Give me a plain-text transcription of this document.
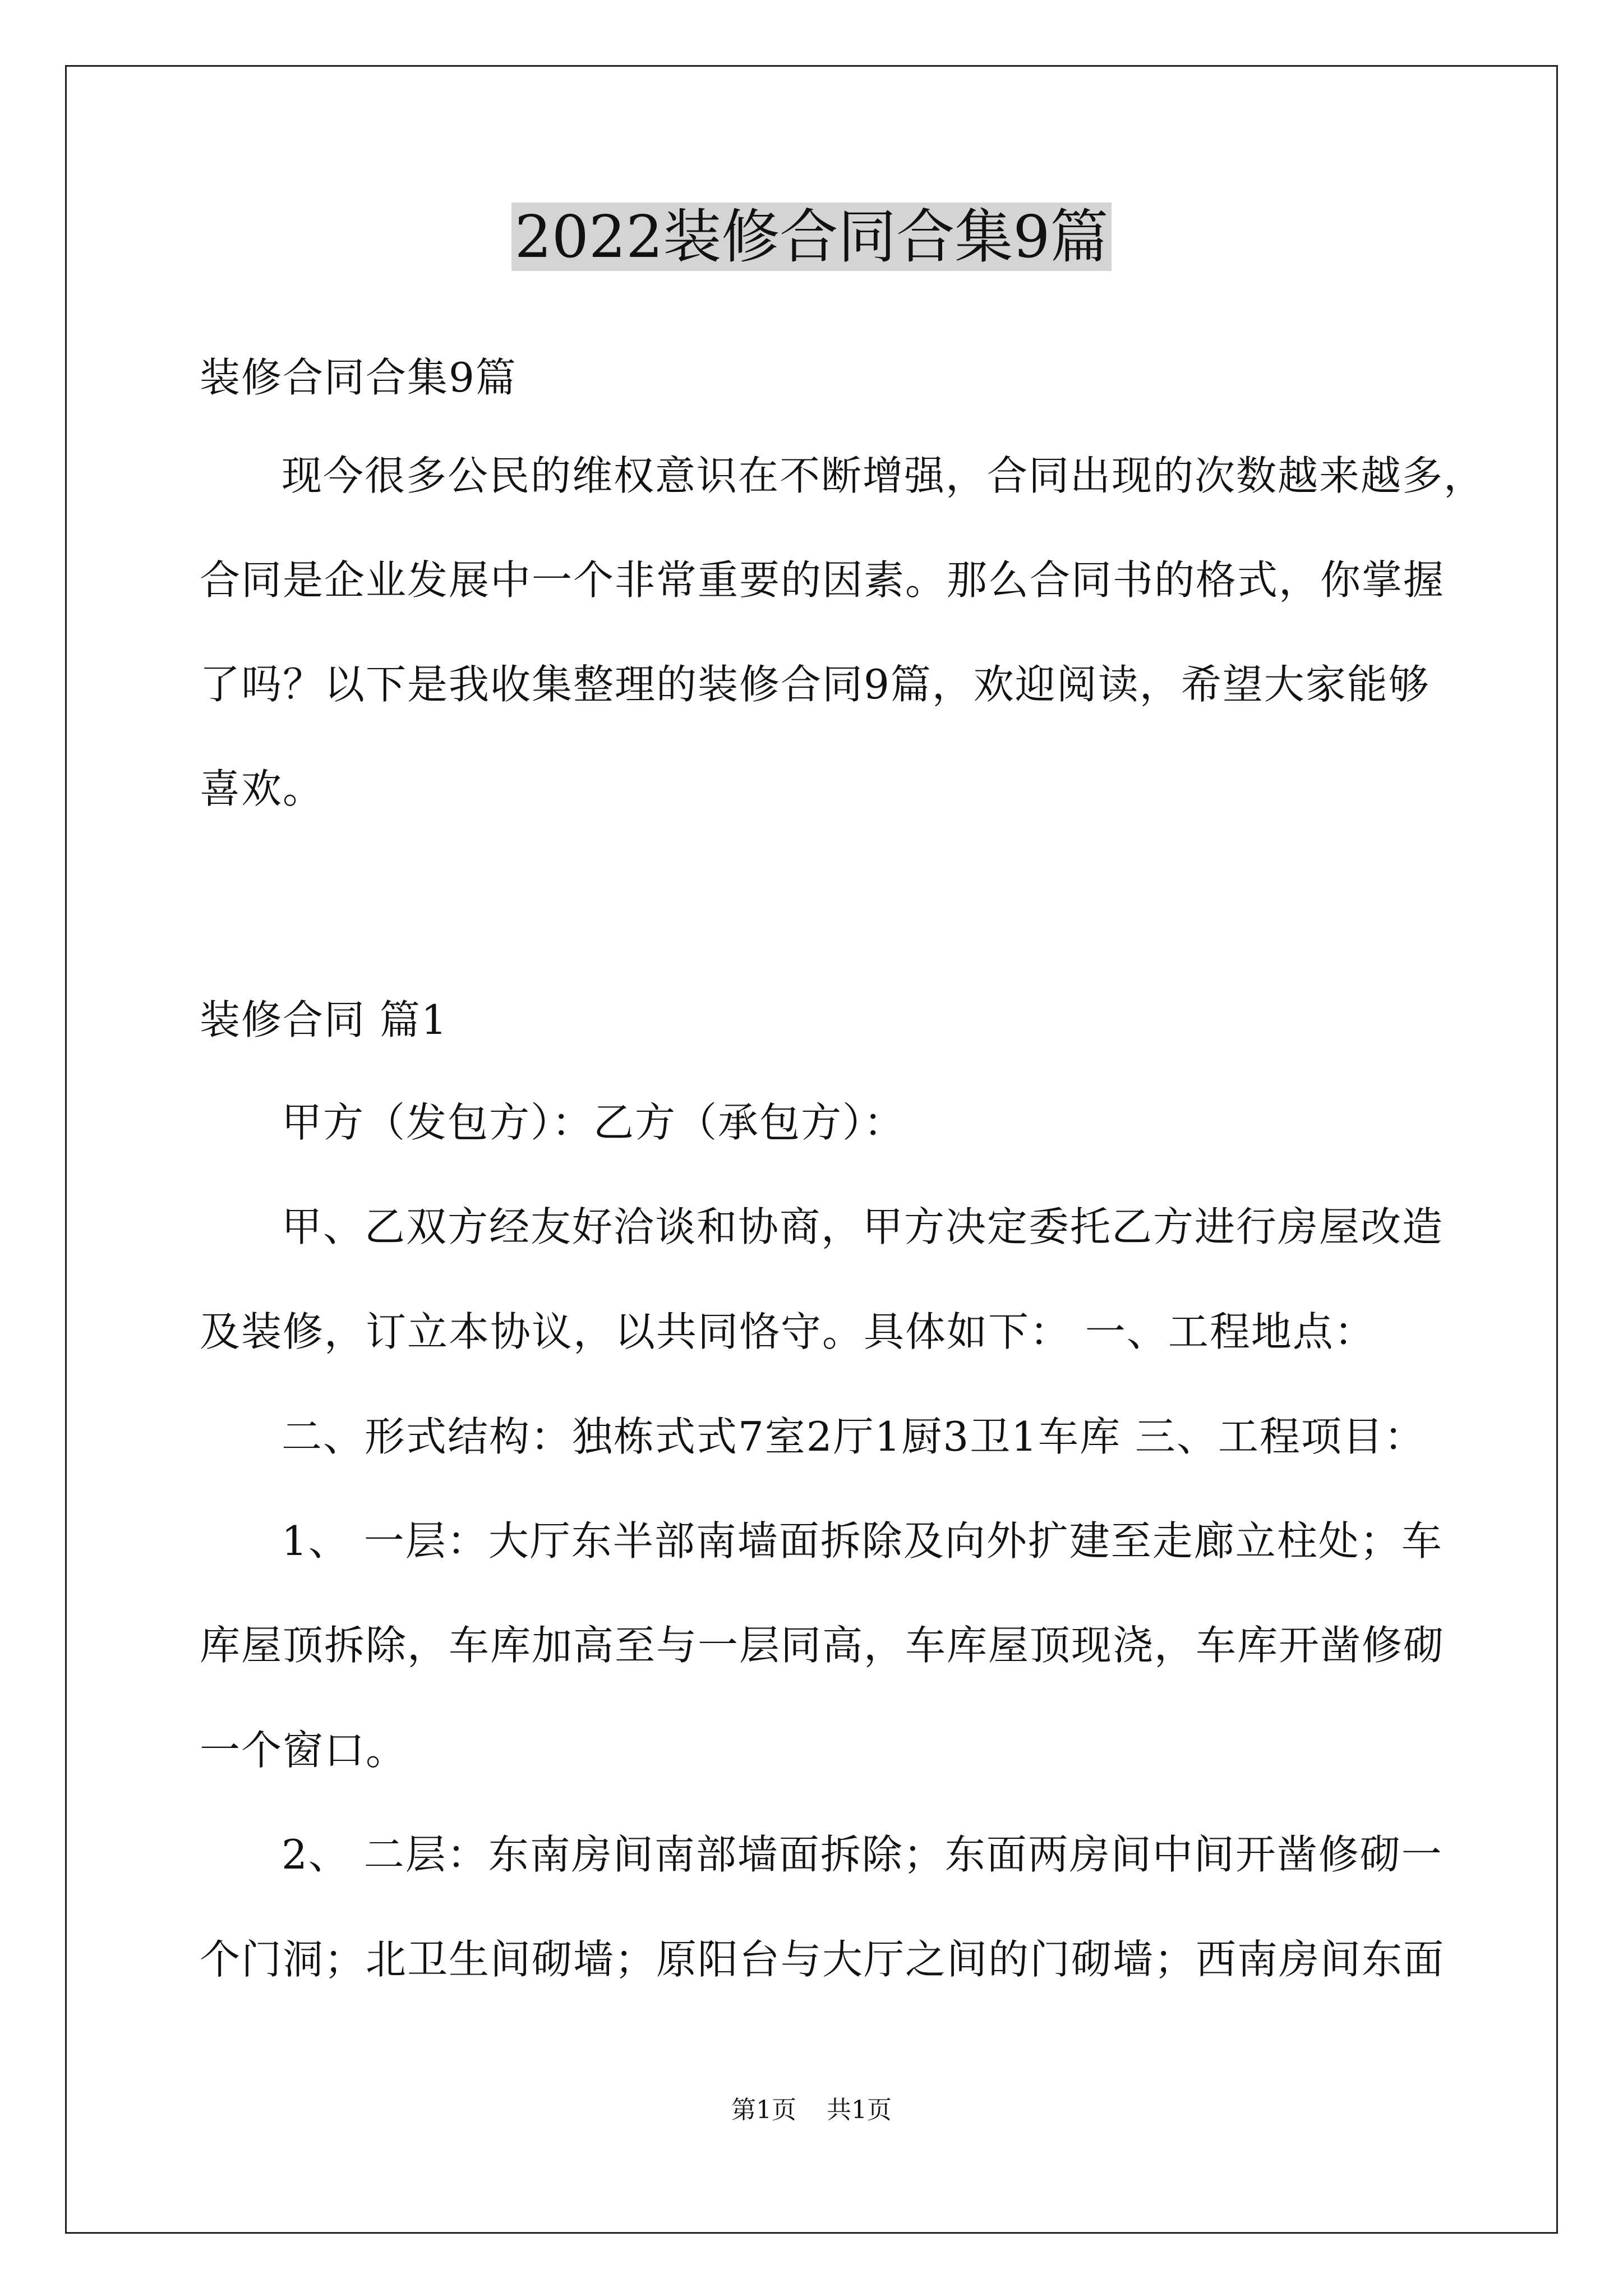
2022装修合同合集9篇
装修合同合集9篇
现今很多公民的维权意识在不断增强，合同出现的次数越来越多，
合同是企业发展中一个非常重要的因素。那么合同书的格式，你掌握
了吗？以下是我收集整理的装修合同9篇，欢迎阅读，希望大家能够
喜欢。
装修合同 篇1
甲方（发包方）：乙方（承包方）：
甲、乙双方经友好洽谈和协商，甲方决定委托乙方进行房屋改造
及装修，订立本协议，以共同恪守。具体如下： 一、工程地点：
二、形式结构：独栋式式7室2厅1厨3卫1车库 三、工程项目：
1、 一层：大厅东半部南墙面拆除及向外扩建至走廊立柱处；车
库屋顶拆除，车库加高至与一层同高，车库屋顶现浇，车库开凿修砌
一个窗口。
2、 二层：东南房间南部墙面拆除；东面两房间中间开凿修砌一
个门洞；北卫生间砌墙；原阳台与大厅之间的门砌墙；西南房间东面
第1页 共1页
